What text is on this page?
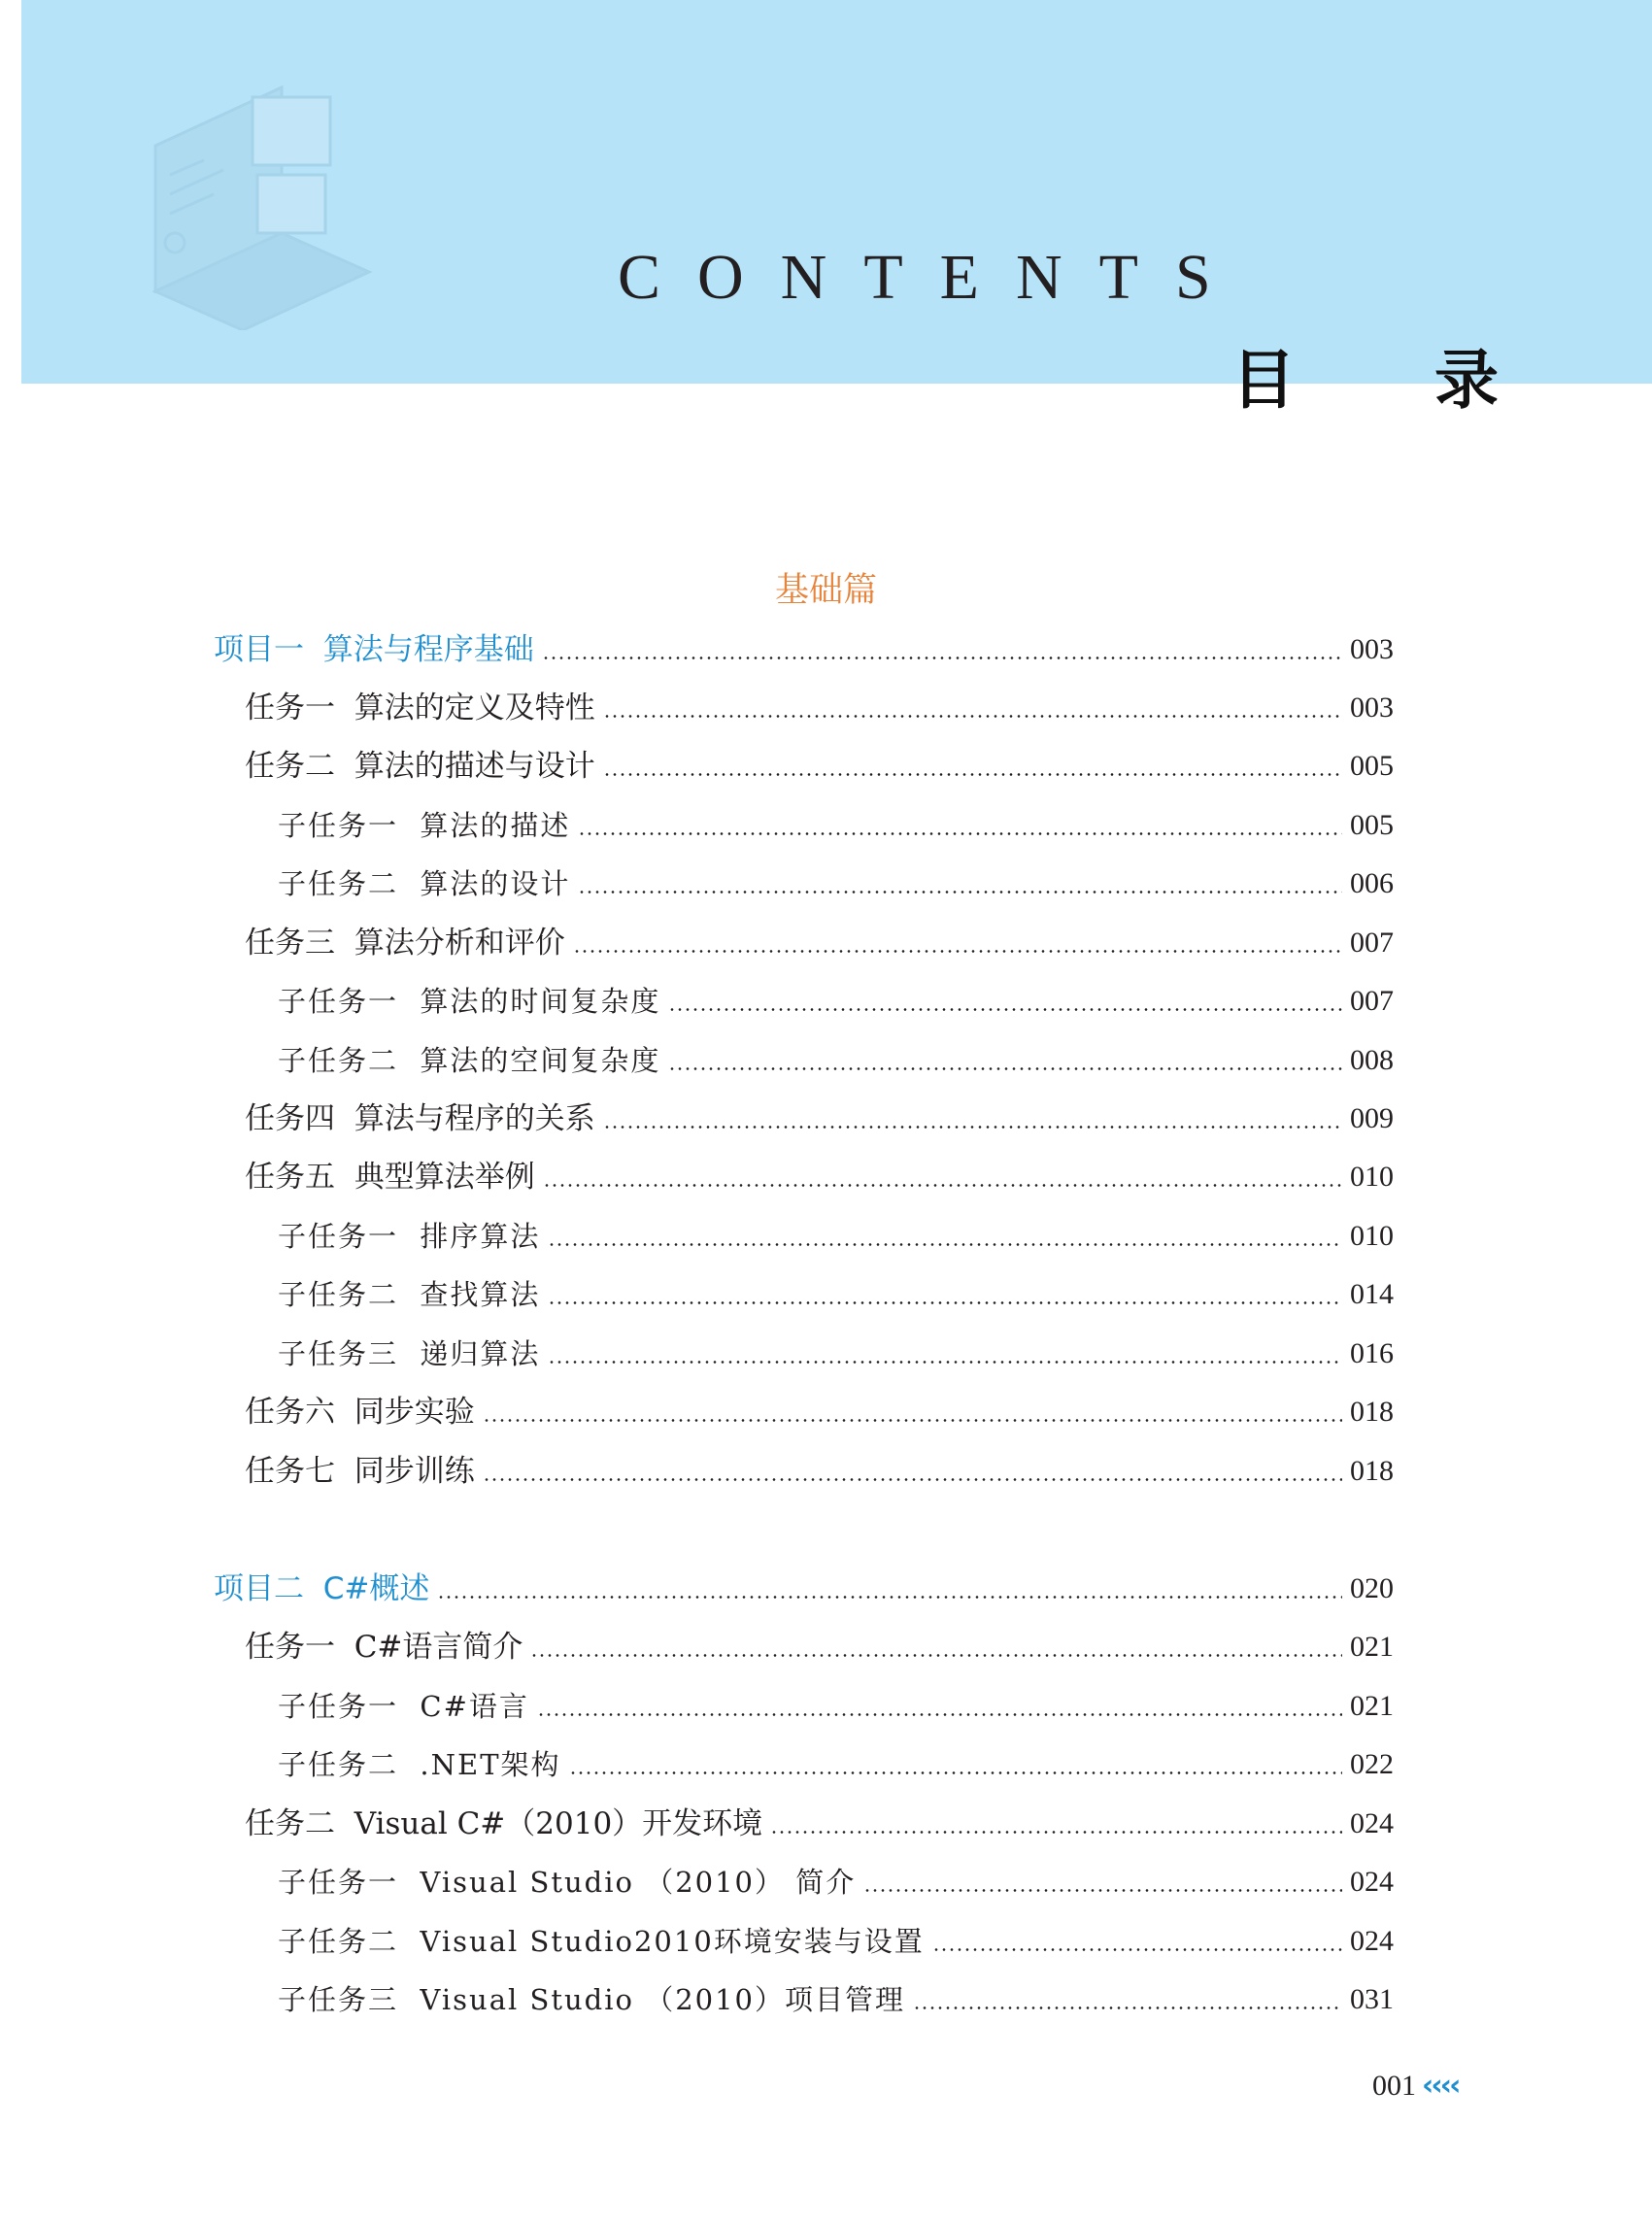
CONTENTS
目 录
基础篇
项目一  算法与程序基础	003
任务一  算法的定义及特性	003
任务二  算法的描述与设计	005
子任务一  算法的描述	005
子任务二  算法的设计	006
任务三  算法分析和评价	007
子任务一  算法的时间复杂度	007
子任务二  算法的空间复杂度	008
任务四  算法与程序的关系	009
任务五  典型算法举例	010
子任务一  排序算法	010
子任务二  查找算法	014
子任务三  递归算法	016
任务六  同步实验	018
任务七  同步训练	018
项目二  C#概述	020
任务一  C#语言简介	021
子任务一  C#语言	021
子任务二  .NET架构	022
任务二  Visual C#（2010）开发环境	024
子任务一  Visual Studio （2010） 简介	024
子任务二  Visual Studio2010环境安装与设置	024
子任务三  Visual Studio （2010）项目管理	031
001 ‹‹‹‹
